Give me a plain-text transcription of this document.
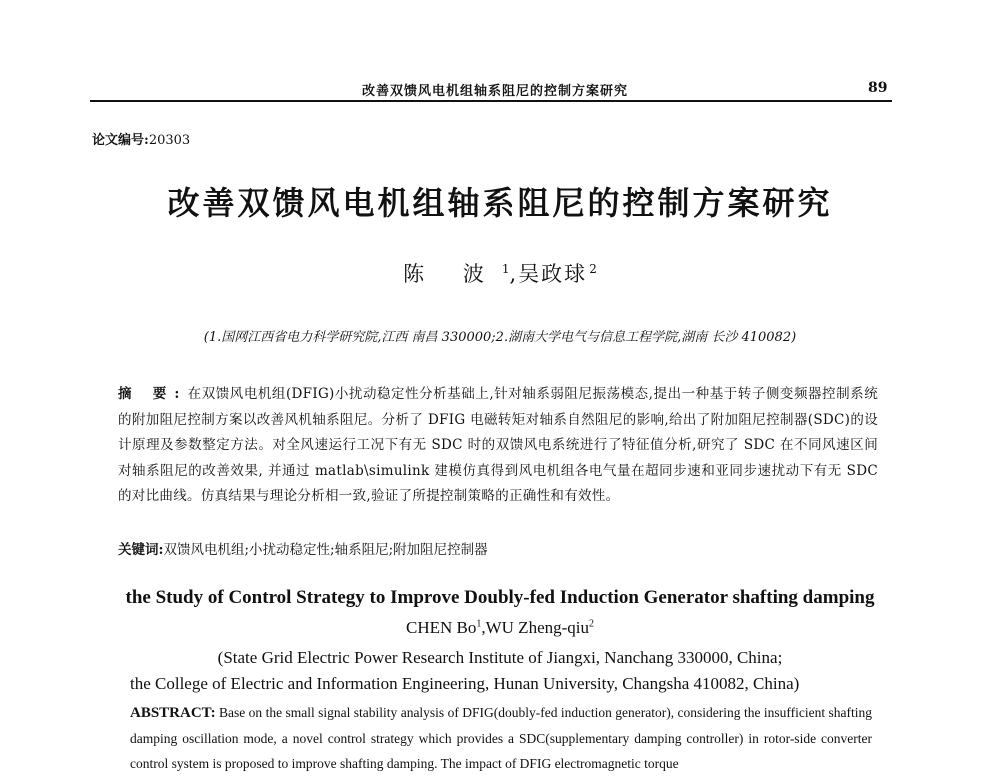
改善双馈风电机组轴系阻尼的控制方案研究	89
论文编号:20303
改善双馈风电机组轴系阻尼的控制方案研究
陈 波 $^1$,吴政球 $^2$
(1.国网江西省电力科学研究院,江西 南昌 330000;2.湖南大学电气与信息工程学院,湖南 长沙 410082)
摘 要:在双馈风电机组(DFIG)小扰动稳定性分析基础上,针对轴系弱阻尼振荡模态,提出一种基于转子侧变频器控制系统的附加阻尼控制方案以改善风机轴系阻尼。分析了 DFIG 电磁转矩对轴系自然阻尼的影响,给出了附加阻尼控制器(SDC)的设计原理及参数整定方法。对全风速运行工况下有无 SDC 时的双馈风电系统进行了特征值分析,研究了 SDC 在不同风速区间对轴系阻尼的改善效果, 并通过 matlab\simulink 建模仿真得到风电机组各电气量在超同步速和亚同步速扰动下有无 SDC 的对比曲线。仿真结果与理论分析相一致,验证了所提控制策略的正确性和有效性。
关键词:双馈风电机组;小扰动稳定性;轴系阻尼;附加阻尼控制器
the Study of Control Strategy to Improve Doubly-fed Induction Generator shafting damping
CHEN Bo$^1$,WU Zheng-qiu$^2$
(State Grid Electric Power Research Institute of Jiangxi, Nanchang 330000, China;
the College of Electric and Information Engineering, Hunan University, Changsha 410082, China)
ABSTRACT: Base on the small signal stability analysis of DFIG(doubly-fed induction generator), considering the insufficient shafting damping oscillation mode, a novel control strategy which provides a SDC(supplementary damping controller) in rotor-side converter control system is proposed to improve shafting damping. The impact of DFIG electromagnetic torque
